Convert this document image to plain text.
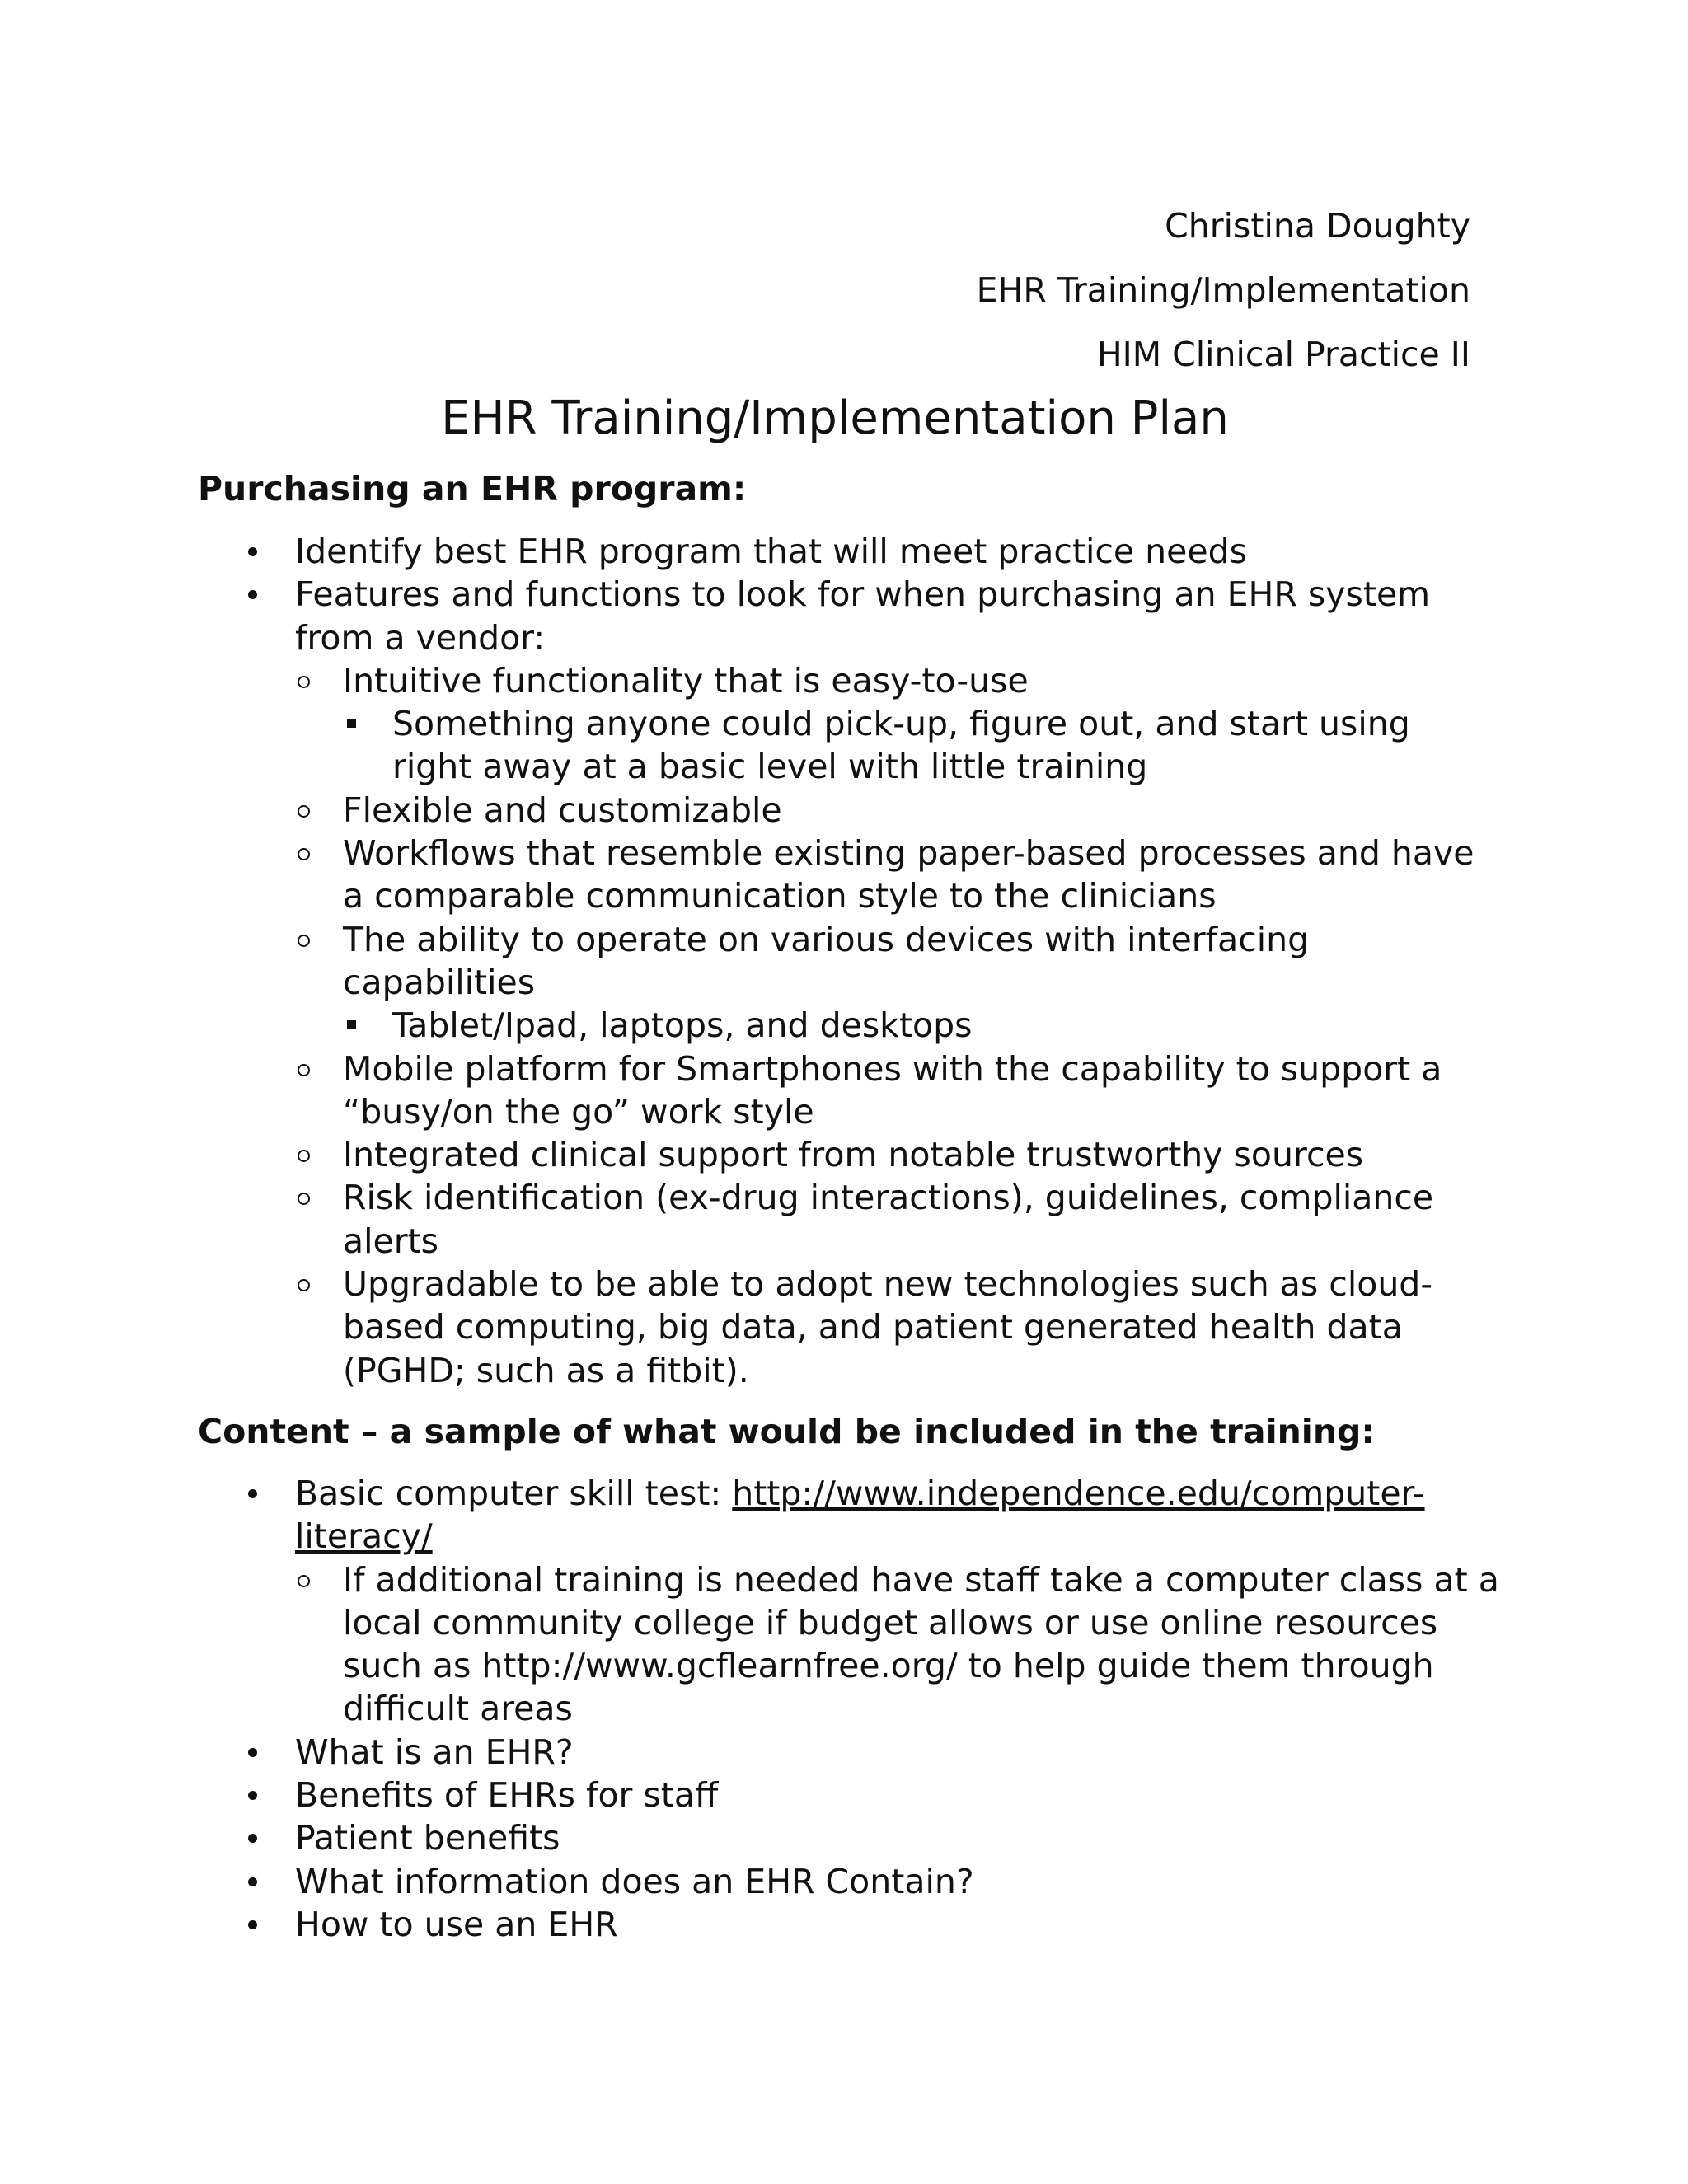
Christina Doughty
EHR Training/Implementation
HIM Clinical Practice II
EHR Training/Implementation Plan
Purchasing an EHR program:
Identify best EHR program that will meet practice needs
Features and functions to look for when purchasing an EHR system
from a vendor:
Intuitive functionality that is easy-to-use
Something anyone could pick-up, figure out, and start using
right away at a basic level with little training
Flexible and customizable
Workflows that resemble existing paper-based processes and have
a comparable communication style to the clinicians
The ability to operate on various devices with interfacing
capabilities
Tablet/Ipad, laptops, and desktops
Mobile platform for Smartphones with the capability to support a
“busy/on the go” work style
Integrated clinical support from notable trustworthy sources
Risk identification (ex-drug interactions), guidelines, compliance
alerts
Upgradable to be able to adopt new technologies such as cloud-
based computing, big data, and patient generated health data
(PGHD; such as a fitbit).
Content – a sample of what would be included in the training:
Basic computer skill test: http://www.independence.edu/computer-
literacy/
If additional training is needed have staff take a computer class at a
local community college if budget allows or use online resources
such as http://www.gcflearnfree.org/ to help guide them through
difficult areas
What is an EHR?
Benefits of EHRs for staff
Patient benefits
What information does an EHR Contain?
How to use an EHR
